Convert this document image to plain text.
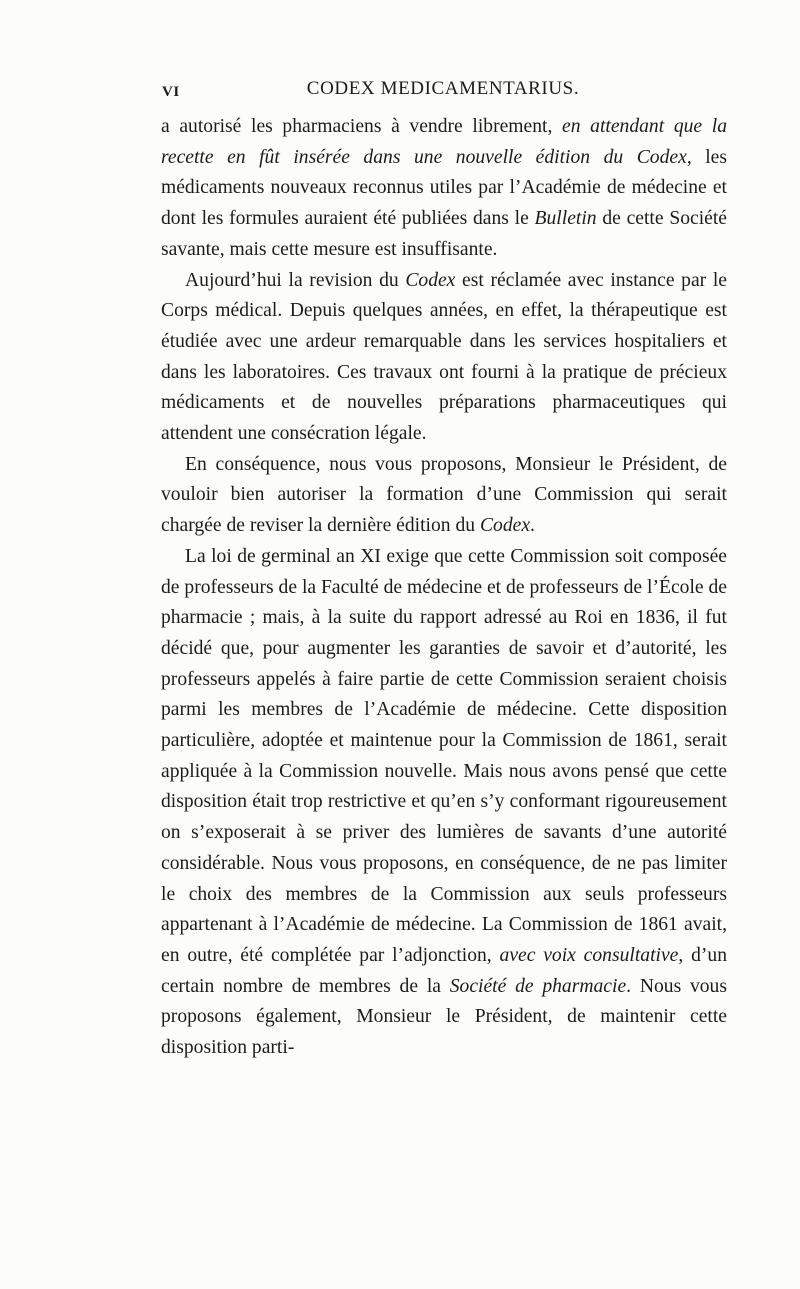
VI	CODEX MEDICAMENTARIUS.

a autorisé les pharmaciens à vendre librement, en attendant que la recette en fût insérée dans une nouvelle édition du Codex, les médicaments nouveaux reconnus utiles par l’Académie de médecine et dont les formules auraient été publiées dans le Bulletin de cette Société savante, mais cette mesure est insuffisante.

Aujourd’hui la revision du Codex est réclamée avec instance par le Corps médical. Depuis quelques années, en effet, la thérapeutique est étudiée avec une ardeur remarquable dans les services hospitaliers et dans les laboratoires. Ces travaux ont fourni à la pratique de précieux médicaments et de nouvelles préparations pharmaceutiques qui attendent une consécration légale.

En conséquence, nous vous proposons, Monsieur le Président, de vouloir bien autoriser la formation d’une Commission qui serait chargée de reviser la dernière édition du Codex.

La loi de germinal an XI exige que cette Commission soit composée de professeurs de la Faculté de médecine et de professeurs de l’École de pharmacie ; mais, à la suite du rapport adressé au Roi en 1836, il fut décidé que, pour augmenter les garanties de savoir et d’autorité, les professeurs appelés à faire partie de cette Commission seraient choisis parmi les membres de l’Académie de médecine. Cette disposition particulière, adoptée et maintenue pour la Commission de 1861, serait appliquée à la Commission nouvelle. Mais nous avons pensé que cette disposition était trop restrictive et qu’en s’y conformant rigoureusement on s’exposerait à se priver des lumières de savants d’une autorité considérable. Nous vous proposons, en conséquence, de ne pas limiter le choix des membres de la Commission aux seuls professeurs appartenant à l’Académie de médecine. La Commission de 1861 avait, en outre, été complétée par l’adjonction, avec voix consultative, d’un certain nombre de membres de la Société de pharmacie. Nous vous proposons également, Monsieur le Président, de maintenir cette disposition parti-
